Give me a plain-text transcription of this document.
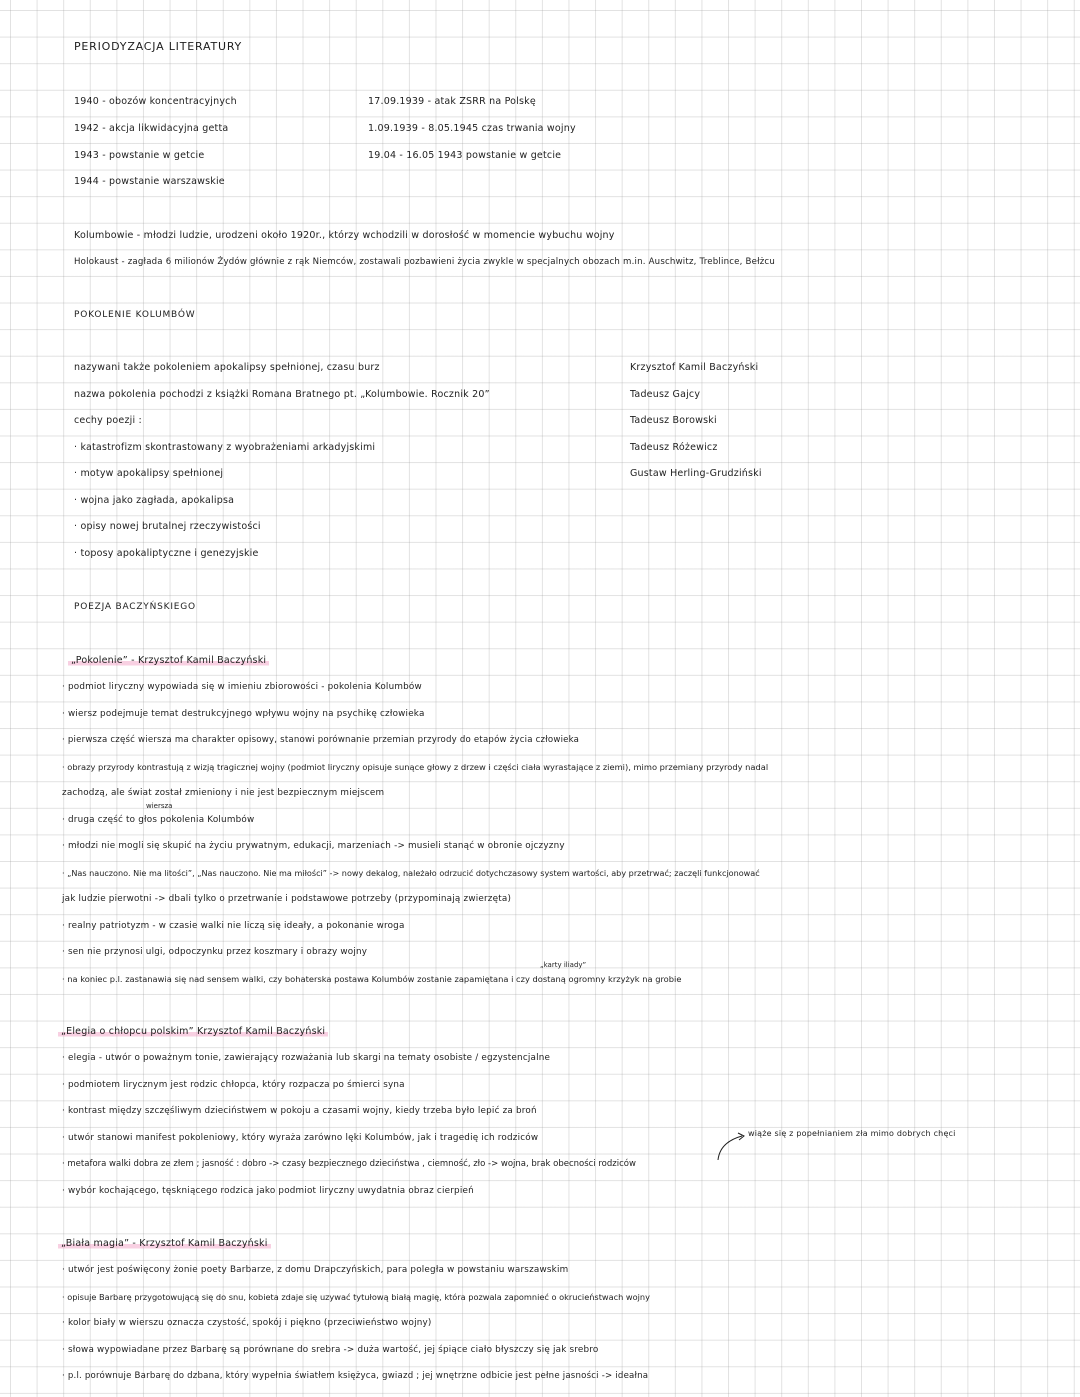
PERIODYZACJA LITERATURY
1940 - obozów koncentracyjnych
1942 - akcja likwidacyjna getta
1943 - powstanie w getcie
1944 - powstanie warszawskie
17.09.1939 - atak ZSRR na Polskę
1.09.1939 - 8.05.1945 czas trwania wojny
19.04 - 16.05 1943 powstanie w getcie
Kolumbowie - młodzi ludzie, urodzeni około 1920r., którzy wchodzili w dorosłość w momencie wybuchu wojny
Holokaust - zagłada 6 milionów Żydów głównie z rąk Niemców, zostawali pozbawieni życia zwykle w specjalnych obozach m.in. Auschwitz, Treblince, Bełżcu
POKOLENIE KOLUMBÓW
nazywani także pokoleniem apokalipsy spełnionej, czasu burz
nazwa pokolenia pochodzi z książki Romana Bratnego pt. „Kolumbowie. Rocznik 20”
cechy poezji :
· katastrofizm skontrastowany z wyobrażeniami arkadyjskimi
· motyw apokalipsy spełnionej
· wojna jako zagłada, apokalipsa
· opisy nowej brutalnej rzeczywistości
· toposy apokaliptyczne i genezyjskie
Krzysztof Kamil Baczyński
Tadeusz Gajcy
Tadeusz Borowski
Tadeusz Różewicz
Gustaw Herling-Grudziński
POEZJA BACZYŃSKIEGO
„Pokolenie” - Krzysztof Kamil Baczyński
· podmiot liryczny wypowiada się w imieniu zbiorowości - pokolenia Kolumbów
· wiersz podejmuje temat destrukcyjnego wpływu wojny na psychikę człowieka
· pierwsza część wiersza ma charakter opisowy, stanowi porównanie przemian przyrody do etapów życia człowieka
· obrazy przyrody kontrastują z wizją tragicznej wojny (podmiot liryczny opisuje sunące głowy z drzew i części ciała wyrastające z ziemi), mimo przemiany przyrody nadal
zachodzą, ale świat został zmieniony i nie jest bezpiecznym miejscem
wiersza
· druga część to głos pokolenia Kolumbów
· młodzi nie mogli się skupić na życiu prywatnym, edukacji, marzeniach -> musieli stanąć w obronie ojczyzny
· „Nas nauczono. Nie ma litości”, „Nas nauczono. Nie ma miłości” -> nowy dekalog, należało odrzucić dotychczasowy system wartości, aby przetrwać; zaczęli funkcjonować
jak ludzie pierwotni -> dbali tylko o przetrwanie i podstawowe potrzeby (przypominają zwierzęta)
· realny patriotyzm - w czasie walki nie liczą się ideały, a pokonanie wroga
· sen nie przynosi ulgi, odpoczynku przez koszmary i obrazy wojny
„karty iliady”
· na koniec p.l. zastanawia się nad sensem walki, czy bohaterska postawa Kolumbów zostanie zapamiętana i czy dostaną ogromny krzyżyk na grobie
„Elegia o chłopcu polskim” Krzysztof Kamil Baczyński
· elegia - utwór o poważnym tonie, zawierający rozważania lub skargi na tematy osobiste / egzystencjalne
· podmiotem lirycznym jest rodzic chłopca, który rozpacza po śmierci syna
· kontrast między szczęśliwym dzieciństwem w pokoju a czasami wojny, kiedy trzeba było lepić za broń
· utwór stanowi manifest pokoleniowy, który wyraża zarówno lęki Kolumbów, jak i tragedię ich rodziców
· metafora walki dobra ze złem ; jasność : dobro -> czasy bezpiecznego dzieciństwa , ciemność, zło -> wojna, brak obecności rodziców
· wybór kochającego, tęskniącego rodzica jako podmiot liryczny uwydatnia obraz cierpień
wiąże się z popełnianiem zła mimo dobrych chęci
„Biała magia” - Krzysztof Kamil Baczyński
· utwór jest poświęcony żonie poety Barbarze, z domu Drapczyńskich, para poległa w powstaniu warszawskim
· opisuje Barbarę przygotowującą się do snu, kobieta zdaje się uzywać tytułową białą magię, która pozwala zapomnieć o okrucieństwach wojny
· kolor biały w wierszu oznacza czystość, spokój i piękno (przeciwieństwo wojny)
· słowa wypowiadane przez Barbarę są porównane do srebra -> duża wartość, jej śpiące ciało błyszczy się jak srebro
· p.l. porównuje Barbarę do dzbana, który wypełnia światłem księżyca, gwiazd ; jej wnętrzne odbicie jest pełne jasności -> ideałna
